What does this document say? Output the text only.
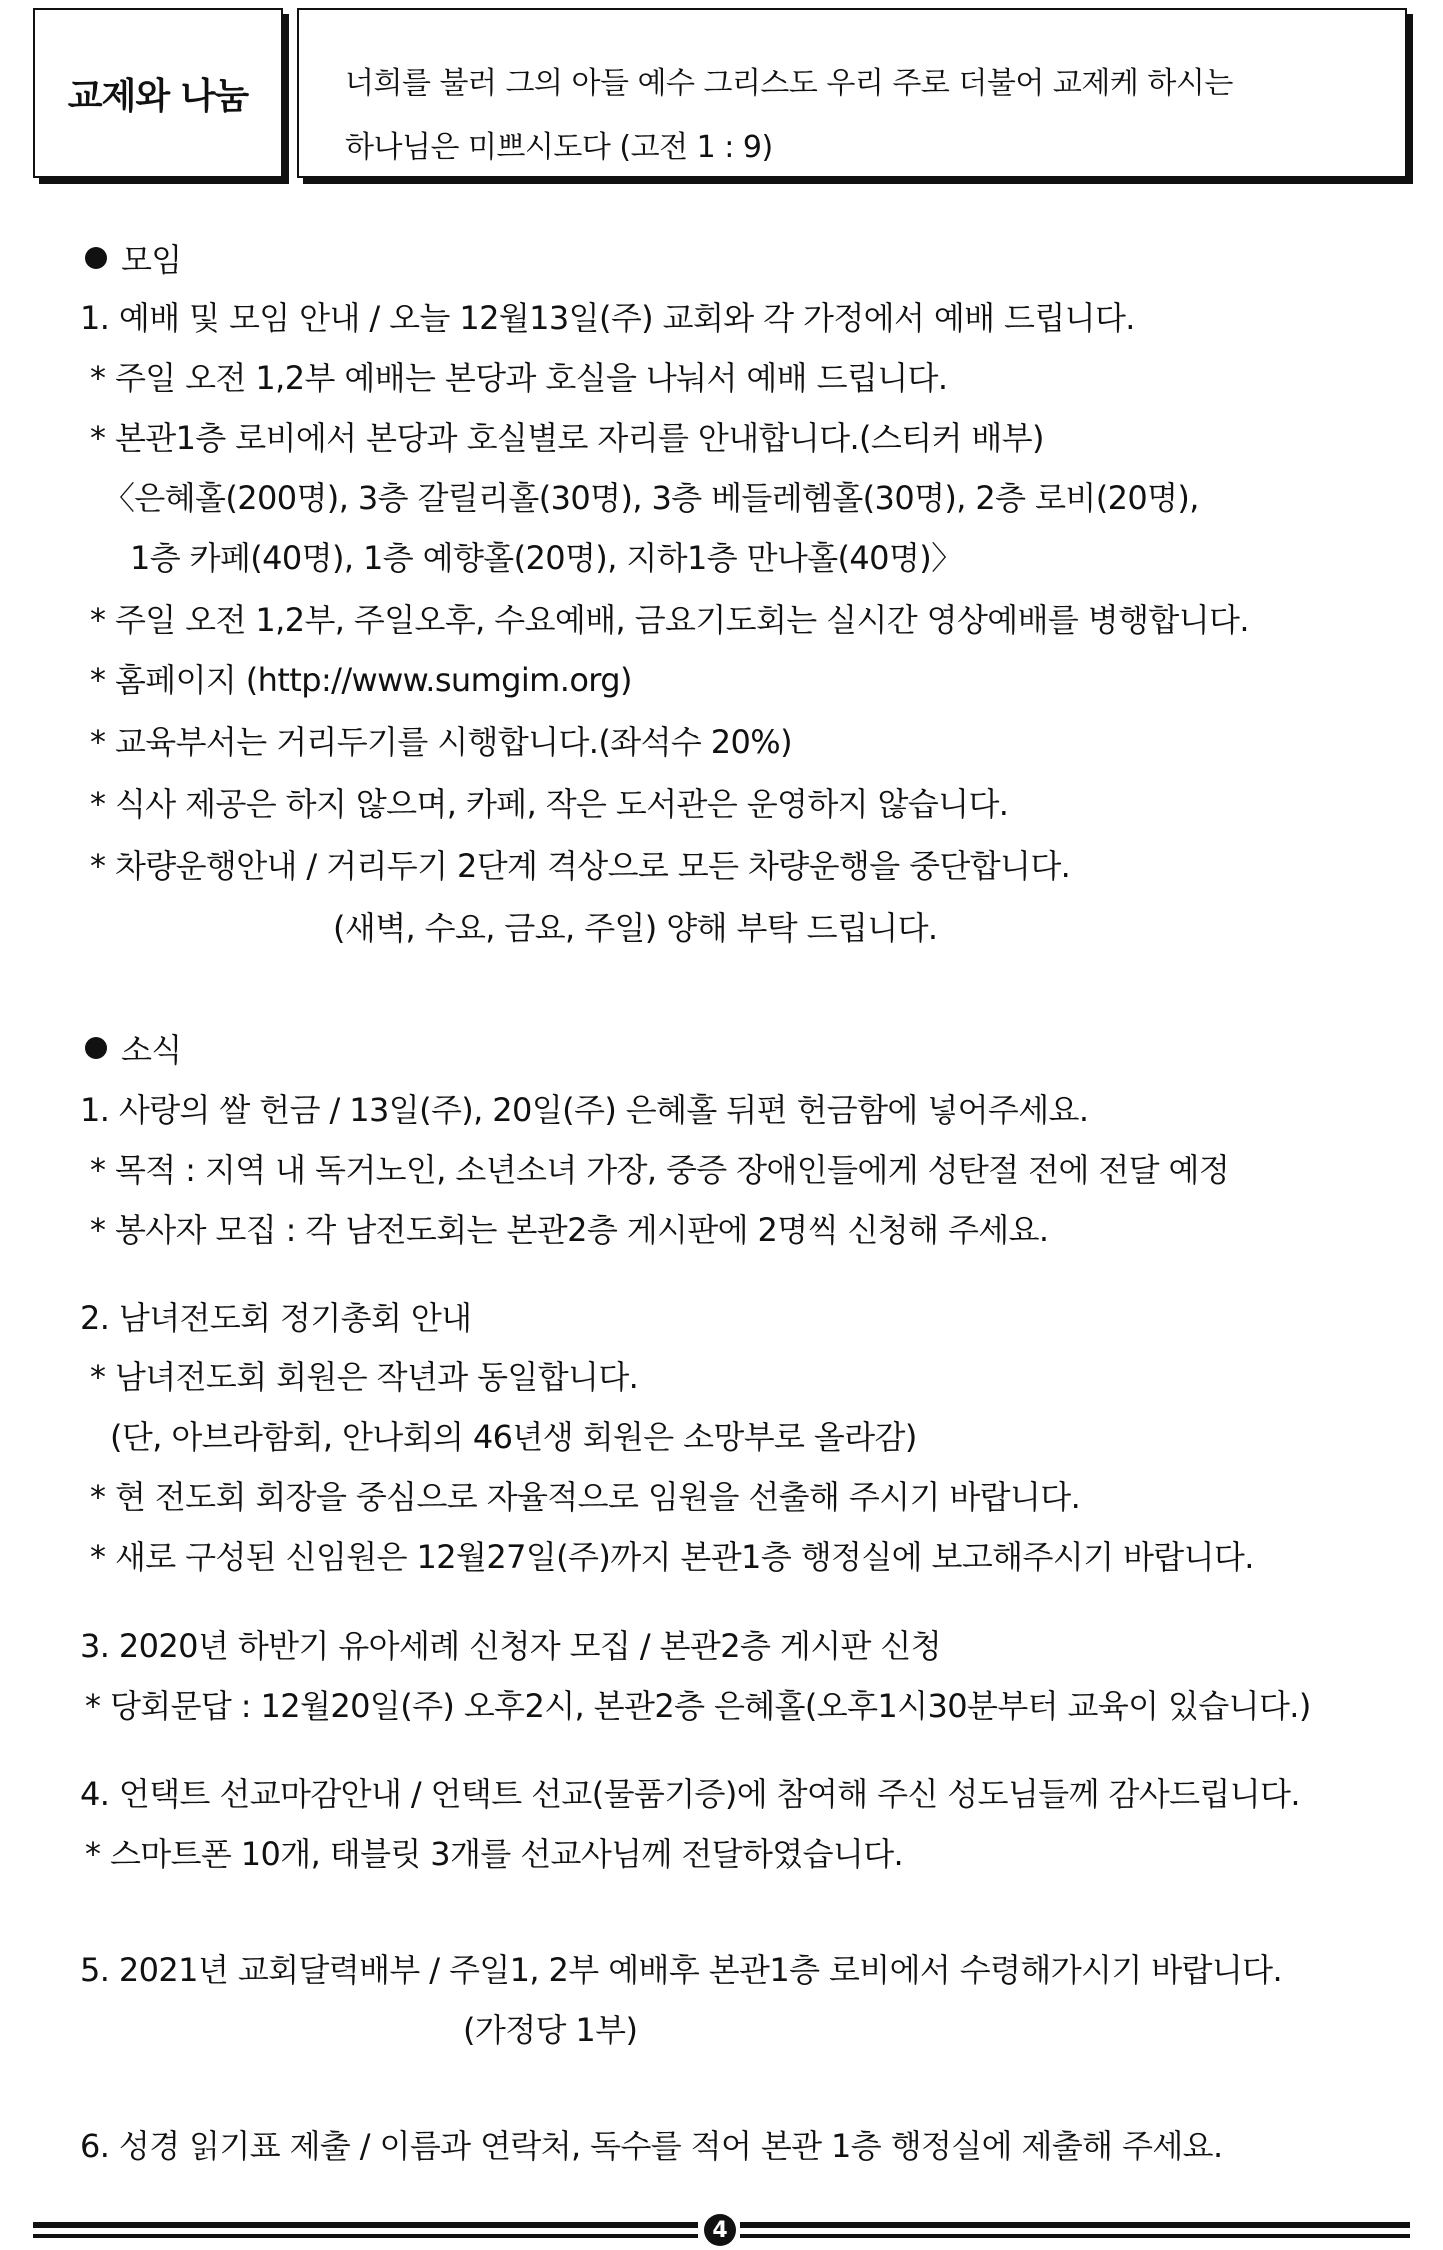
교제와 나눔	너희를 불러 그의 아들 예수 그리스도 우리 주로 더불어 교제케 하시는

하나님은 미쁘시도다 (고전 1 : 9)

모임
1. 예배 및 모임 안내 / 오늘 12월13일(주) 교회와 각 가정에서 예배 드립니다.
* 주일 오전 1,2부 예배는 본당과 호실을 나눠서 예배 드립니다.
* 본관1층 로비에서 본당과 호실별로 자리를 안내합니다.(스티커 배부)
〈은혜홀(200명), 3층 갈릴리홀(30명), 3층 베들레헴홀(30명), 2층 로비(20명),
1층 카페(40명), 1층 예향홀(20명), 지하1층 만나홀(40명)〉
* 주일 오전 1,2부, 주일오후, 수요예배, 금요기도회는 실시간 영상예배를 병행합니다.
* 홈페이지 (http://www.sumgim.org)
* 교육부서는 거리두기를 시행합니다.(좌석수 20%)
* 식사 제공은 하지 않으며, 카페, 작은 도서관은 운영하지 않습니다.
* 차량운행안내 / 거리두기 2단계 격상으로 모든 차량운행을 중단합니다.
(새벽, 수요, 금요, 주일) 양해 부탁 드립니다.
소식
1. 사랑의 쌀 헌금 / 13일(주), 20일(주) 은혜홀 뒤편 헌금함에 넣어주세요.
* 목적 : 지역 내 독거노인, 소년소녀 가장, 중증 장애인들에게 성탄절 전에 전달 예정
* 봉사자 모집 : 각 남전도회는 본관2층 게시판에 2명씩 신청해 주세요.
2. 남녀전도회 정기총회 안내
* 남녀전도회 회원은 작년과 동일합니다.
(단, 아브라함회, 안나회의 46년생 회원은 소망부로 올라감)
* 현 전도회 회장을 중심으로 자율적으로 임원을 선출해 주시기 바랍니다.
* 새로 구성된 신임원은 12월27일(주)까지 본관1층 행정실에 보고해주시기 바랍니다.
3. 2020년 하반기 유아세례 신청자 모집 / 본관2층 게시판 신청
* 당회문답 : 12월20일(주) 오후2시, 본관2층 은혜홀(오후1시30분부터 교육이 있습니다.)
4. 언택트 선교마감안내 / 언택트 선교(물품기증)에 참여해 주신 성도님들께 감사드립니다.
* 스마트폰 10개, 태블릿 3개를 선교사님께 전달하였습니다.
5. 2021년 교회달력배부 / 주일1, 2부 예배후 본관1층 로비에서 수령해가시기 바랍니다.
(가정당 1부)
6. 성경 읽기표 제출 / 이름과 연락처, 독수를 적어 본관 1층 행정실에 제출해 주세요.
4
